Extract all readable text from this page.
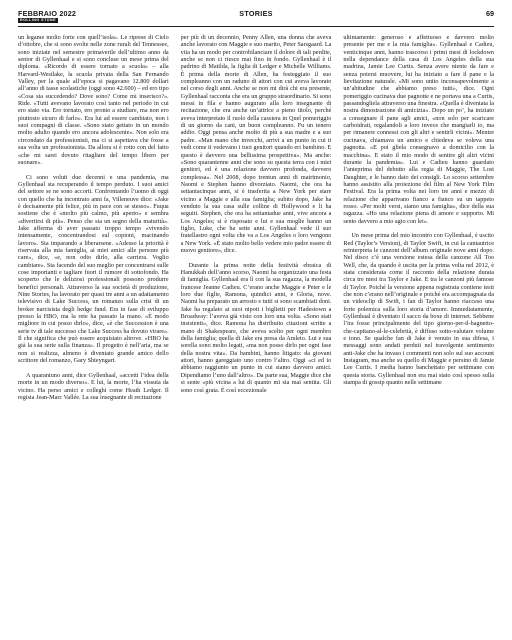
FEBBRAIO 2022
ROLLING STONE
STORIES	69

un legame molto forte con quell’isola». Le riprese di Cielo d’ottobre, che si sono svolte nelle zone rurali del Tennessee, sono iniziate nel semestre primaverile dell’ultimo anno da senior di Gyllenhaal e si sono concluse un mese prima del diploma. «Ricordo di essere tornato a scuola» – alla Harvard-Westlake, la scuola privata della San Fernando Valley, per la quale all’epoca si pagavano 12.800 dollari all’anno di tasse scolastiche (oggi sono 42.600) – ed ero tipo «Cosa sta succedendo? Dove sono? Come mi inserisco?». Ride. «Tutti avevano lavorato così tanto nel periodo in cui ero stato via. Ero tornato, ero pronto a studiare, ma non ero piuttosto sicuro di farlo». Era lui ad essere cambiato, non i suoi compagni di classe. «Sono stato gettato in un mondo molto adulto quando ero ancora adolescente». Non solo era circondato da professionisti, ma ci si aspettava che fosse a sua volta un professionista. Da allora si è rotto con del fatto «che mi sarei dovuto ritagliare del tempo libero per suonare».

Ci sono voluti due decenni e una pandemia, ma Gyllenhaal sta recuperando il tempo perduto. I suoi amici del settore se ne sono accorti. Confrontando l’uomo di oggi con quello che ha incontrato anni fa, Villeneuve dice: «Jake è decisamente più felice, più in pace con se stesso». Fuqua sostiene che è «molto più calmo, più aperto» e sembra «divertirsi di più». Penso che sia un segno della maturità». Jake afferma di aver passato troppo tempo «vivendo intensamente, concentrandosi sul copioni, macinando lavoro». Sta imparando a liberarsene. «Adesso la priorità è riservata alla mia famiglia, ai miei amici alle persone più care», dice, «e, non odio dirlo, alla carriera. Voglio cambiare». Sta facendo del suo meglio per concentrarsi sulle cose importanti e tagliare fuori il rumore di sottofondo. Ha scoperto che le deliziosi professionali possono produrre benefici personali. Attraverso la sua società di produzione, Nine Stories, ha lavorato per quasi tre anni a un adattamento televisivo di Lake Success, un romanzo sulla crisi di un broker narcisista degli hedge fund. Era in fase di sviluppo presso la HBO, ma la rete ha passato la mano. «È modo migliore in cui posso dirlo», dice, «è che Succession è una serie tv di tale successo che Lake Success ha dovuto virare». Il che significa che può essere acquistato altrove. «HBO ha già la sua serie sulla finanza». Il progetto è nell’aria, ma se non si realizza, almeno è diventato grande amico dello scrittore del romanzo, Gary Shteyngart.

A quarantuno anni, dice Gyllenhaal, «accetti l’idea della morte in un modo diverso». E lui, la morte, l’ha vissuta da vicino. Ha perso amici e colleghi come Heath Ledger. Il regista Jean-Marc Vallée. La sua insegnante di recitazione

per più di un decennio, Penny Allen, una donna che aveva anche lavorato con Maggie e suo marito, Peter Sarsgaard. La vita ha un modo per controbilanciare il dolore di tali perdite, anche se non ci riesce mai fino in fondo. Gyllenhaal è il padrino di Matilda, la figlia di Ledger e Michelle Williams. È prima della morte di Allen, ha festeggiato il suo compleanno con un raduno di attori con cui aveva lavorato nel corso degli anni. Anche se non mi dirà chi era presente, Gyllenhaal racconta che era un gruppo straordinario. Si sono messi in fila e hanno augurato alla loro insegnante di recitazione, che era anche un’attrice a pieno titolo, perché aveva interpretato il ruolo della cassiera in Quel pomeriggio di un giorno da cani, un buon compleanno. Fu un tenero addio. Oggi pensa anche molto di più a sua madre e a suo padre. «Man mano che invecchi, arrivi a un punto in cui ti vedi come ti vedevano i tuoi genitori quando eri bambino. E questo è davvero una bellissima prospettiva». Ma anche: «Sono quarantenne anni che sono su questa terra con i miei genitori, ed è una relazione davvero profonda, davvero complessa». Nel 2008, dopo trentun anni di matrimonio, Naomi e Stephen hanno divorziato. Naomi, che ora ha settantacinque anni, si è trasferita a New York per stare vicino a Maggie e alla sua famiglia; subito dopo, Jake ha venduto la sua casa sulle colline di Hollywood e li ha seguiti. Stephen, che ora ha settantadue anni, vive ancora a Los Angeles; si è risposato e lui e sua moglie hanno un figlio, Luke, che ha sette anni. Gyllenhaal vede il suo fratellastro ogni volta che va a Los Angeles o loro vengono a New York. «È stato molto bello vedere mio padre essere di nuovo genitore», dice.

Durante la prima notte della festività ebraica di Hanukkah dell’anno scorso, Naomi ha organizzato una festa di famiglia. Gyllenhaal era lì con la sua ragazza, la modella francese Jeanne Cadieu. C’erano anche Maggie e Peter e le loro due figlie, Ramona, quindici anni, e Gloria, nove. Naomi ha preparato un arrosto e tutti si sono scambiati doni. Jake ha regalato ai suoi nipoti i biglietti per Hadestown a Broadway: l’aveva già visto con loro una volta. «Sono stati insistenti», dice. Ramona ha distribuito citazioni scritte a mano di Shakespeare, che aveva scelto per ogni membro della famiglia; quella di Jake era presa da Amleto. Lui e sua sorella sono molto legati, «ma non posso dirlo per ogni fase della nostra vita». Da bambini, hanno litigato: da giovani attori, hanno gareggiato uno contro l’altro. Oggi «ci ed io abbiamo raggiunto un punto in cui siamo davvero amici. Dipendiamo l’uno dall’altro». Da parte sua, Maggie dice che si sente «più vicina a lui di quanto mi sia mai sentita. Gli sono così grata. È così eccezionale

ultimamente: generoso e affettuoso e davvero molto presente per me e la mia famiglia». Gyllenhaal e Cadieu, venticinque anni, hanno trascorso i primi mesi di lockdown nella dependance della casa di Los Angeles della sua madrina, Jamie Lee Curtis. Senza avere niente da fare e senza potersi muovere, lui ha iniziato a fare il pane e la lievitazione naturale. «Mi sono unito inconsapevolmente a un’abitudine che abbiamo preso tutti», dice. Ogni pomeriggio cucinava due pagnotte e ne portava una a Curtis, passandogliela attraverso una finestra. «Quella è diventata la nostra dimostrazione di amicizia». Dopo un po’, ha iniziato a consegnare il pane agli amici, «non solo per scaricare carboidrati, regalandoli a loro invece che mangiarli io, ma per rimanere connessi con gli altri e sentirli vicini». Mentre cucinava, chiamava un amico e chiedeva se voleva una pagnotta. «E poi gliela consegnavo a domicilio con la macchina». E stato il mio modo di sentire gli altri vicini durante la pandemia». Lui e Cadieu hanno guardato l’anteprima del debutto alla regia di Maggie, The Lost Daughter, e le hanno dato dei consigli. Lo scorso settembre hanno assistito alla proiezione del film al New York Film Festival. Era la prima volta nei loro tre anni e mezzo di relazione che apparivano fianco a fianco su un tappeto rosso. «Per molti versi, siamo una famiglia», dice della sua ragazza. «Ho una relazione piena di amore e supporto. Mi sento davvero a mio agio con lei».

Un mese prima del mio incontro con Gyllenhaal, è uscito Red (Taylor’s Version), di Taylor Swift, in cui la cantautrice reinterpreta le canzoni dell’album originale nove anni dopo. Nel disco c’è una versione estesa della canzone All Too Well, che, da quando è uscita per la prima volta nel 2012, è stata considerata come il racconto della relazione durata circa tre mesi tra Taylor e Jake. E tra le canzoni più famose di Taylor. Poiché la versione appena registrata contiene testi che non c’erano nell’originale e poiché era accompagnata da un videoclip di Swift, i fan di Taylor hanno riacceso una forte polemica sulla loro storia d’amore. Immediatamente, Gyllenhaal è diventato il sacco da boxe di internet. Sebbene l’ira fosse principalmente del tipo giorno-per-il-bagnetto-che-capitano-al-le-celebrità, è diffuso sotto-valutare volume e tono. Se qualche fan di Jake è venuto in sua difesa, i messaggi sono andati perduti nel travolgente sentimento anti-Jake che ha invaso i commenti non solo sul suo account Instagram, ma anche su quello di Maggie e persino di Jamie Lee Curtis. I media hanno banchettato per settimane con questa storia. Gyllenhaal non era mai stato così spesso sulla stampa di gossip quanto nelle settimane
